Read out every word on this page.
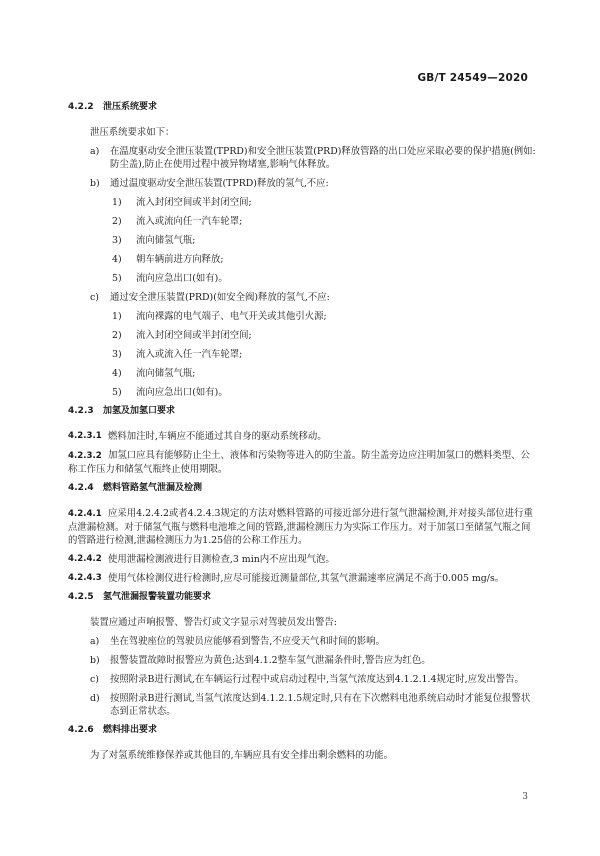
GB/T 24549—2020
4.2.2	泄压系统要求

泄压系统要求如下：

a)	在温度驱动安全泄压装置(TPRD)和安全泄压装置(PRD)释放管路的出口处应采取必要的保护措施(例如:防尘盖),防止在使用过程中被异物堵塞,影响气体释放。
b)	通过温度驱动安全泄压装置(TPRD)释放的氢气,不应:
1)	流入封闭空间或半封闭空间;
2)	流入或流向任一汽车轮罩;
3)	流向储氢气瓶;
4)	朝车辆前进方向释放;
5)	流向应急出口(如有)。
c)	通过安全泄压装置(PRD)(如安全阀)释放的氢气,不应:
1)	流向裸露的电气端子、电气开关或其他引火源;
2)	流入封闭空间或半封闭空间;
3)	流入或流入任一汽车轮罩;
4)	流向储氢气瓶;
5)	流向应急出口(如有)。
4.2.3	加氢及加氢口要求
4.2.3.1 燃料加注时,车辆应不能通过其自身的驱动系统移动。
4.2.3.2 加氢口应具有能够防止尘土、液体和污染物等进入的防尘盖。防尘盖旁边应注明加氢口的燃料类型、公称工作压力和储氢气瓶终止使用期限。
4.2.4	燃料管路氢气泄漏及检测
4.2.4.1 应采用4.2.4.2或者4.2.4.3规定的方法对燃料管路的可接近部分进行氢气泄漏检测,并对接头部位进行重点泄漏检测。对于储氢气瓶与燃料电池堆之间的管路,泄漏检测压力为实际工作压力。对于加氢口至储氢气瓶之间的管路进行检测,泄漏检测压力为1.25倍的公称工作压力。
4.2.4.2 使用泄漏检测液进行目测检查,3 min内不应出现气泡。
4.2.4.3 使用气体检测仪进行检测时,应尽可能接近测量部位,其氢气泄漏速率应满足不高于0.005 mg/s。
4.2.5	氢气泄漏报警装置功能要求

装置应通过声响报警、警告灯或文字显示对驾驶员发出警告:

a)	坐在驾驶座位的驾驶员应能够看到警告,不应受天气和时间的影响。
b)	报警装置故障时报警应为黄色;达到4.1.2整车氢气泄漏条件时,警告应为红色。
c)	按照附录B进行测试,在车辆运行过程中或启动过程中,当氢气浓度达到4.1.2.1.4规定时,应发出警告。
d)	按照附录B进行测试,当氢气浓度达到4.1.2.1.5规定时,只有在下次燃料电池系统启动时才能复位报警状态到正常状态。
4.2.6	燃料排出要求

为了对氢系统维修保养或其他目的,车辆应具有安全排出剩余燃料的功能。

3
